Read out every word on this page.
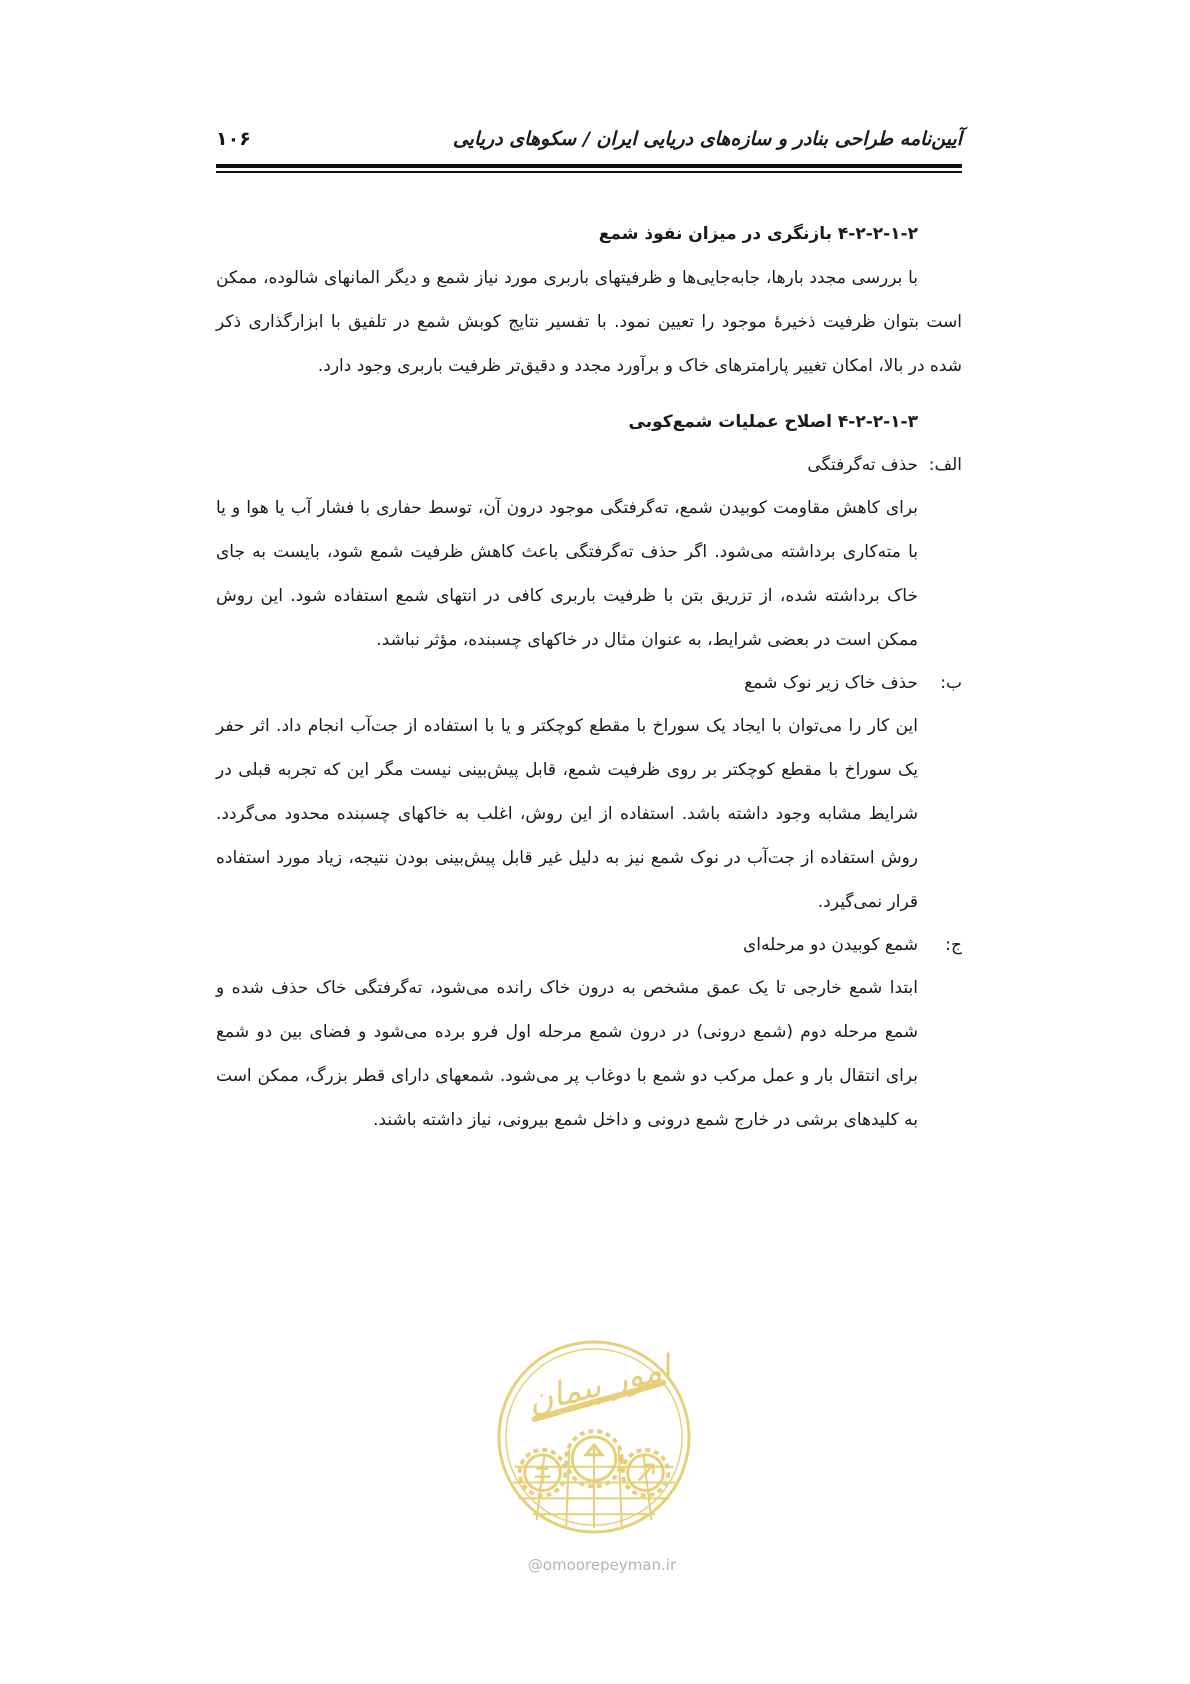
آیین‌نامه طراحی بنادر و سازه‌های دریایی ایران / سکوهای دریایی
۱۰۶

۴-۲-۲-۱-۲ بازنگری در میزان نفوذ شمع

با بررسی مجدد بارها، جابه‌جایی‌ها و ظرفیتهای باربری مورد نیاز شمع و دیگر المانهای شالوده، ممکن است بتوان ظرفیت ذخیرهٔ موجود را تعیین نمود. با تفسیر نتایج کوبش شمع در تلفیق با ابزارگذاری ذکر شده در بالا، امکان تغییر پارامترهای خاک و برآورد مجدد و دقیق‌تر ظرفیت باربری وجود دارد.

۴-۲-۲-۱-۳ اصلاح عملیات شمع‌کوبی

الف:
حذف ته‌گرفتگی

برای کاهش مقاومت کوبیدن شمع، ته‌گرفتگی موجود درون آن، توسط حفاری با فشار آب یا هوا و یا با مته‌کاری برداشته می‌شود. اگر حذف ته‌گرفتگی باعث کاهش ظرفیت شمع شود، بایست به جای خاک برداشته شده، از تزریق بتن با ظرفیت باربری کافی در انتهای شمع استفاده شود. این روش ممکن است در بعضی شرایط، به عنوان مثال در خاکهای چسبنده، مؤثر نباشد.

ب:
حذف خاک زیر نوک شمع

این کار را می‌توان با ایجاد یک سوراخ با مقطع کوچکتر و یا با استفاده از جت‌آب انجام داد. اثر حفر یک سوراخ با مقطع کوچکتر بر روی ظرفیت شمع، قابل پیش‌بینی نیست مگر این که تجربه قبلی در شرایط مشابه وجود داشته باشد. استفاده از این روش، اغلب به خاکهای چسبنده محدود می‌گردد. روش استفاده از جت‌آب در نوک شمع نیز به دلیل غیر قابل پیش‌بینی بودن نتیجه، زیاد مورد استفاده قرار نمی‌گیرد.

ج:
شمع کوبیدن دو مرحله‌ای

ابتدا شمع خارجی تا یک عمق مشخص به درون خاک رانده می‌شود، ته‌گرفتگی خاک حذف شده و شمع مرحله دوم (شمع درونی) در درون شمع مرحله اول فرو برده می‌شود و فضای بین دو شمع برای انتقال بار و عمل مرکب دو شمع با دوغاب پر می‌شود. شمعهای دارای قطر بزرگ، ممکن است به کلیدهای برشی در خارج شمع درونی و داخل شمع بیرونی، نیاز داشته باشند.

امور پیمان
@omoorepeyman.ir
